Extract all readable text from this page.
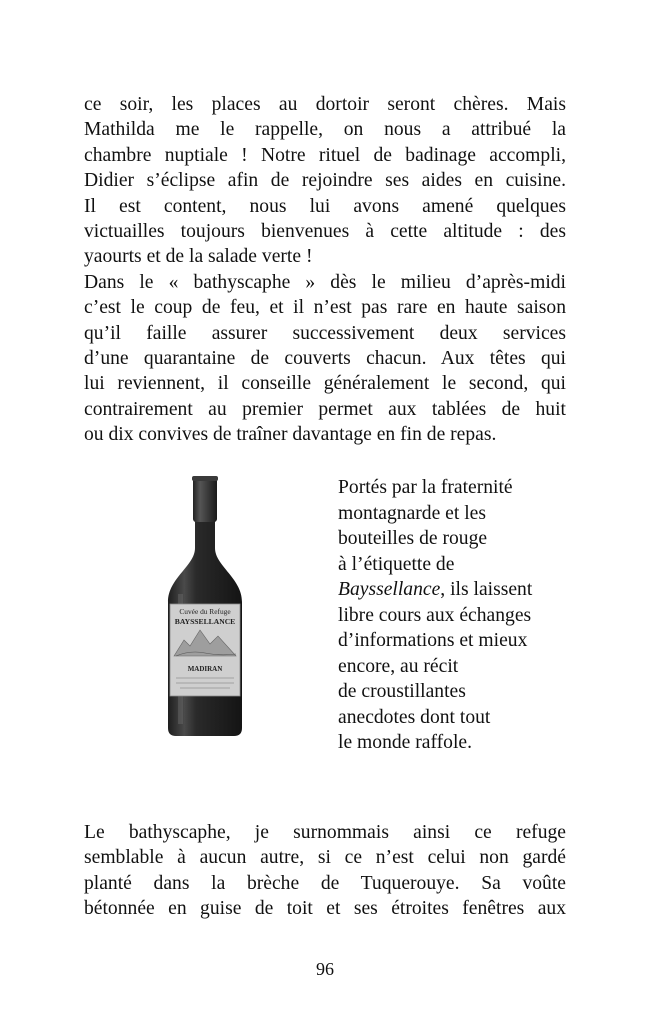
ce soir, les places au dortoir seront chères. Mais
Mathilda me le rappelle, on nous a attribué la
chambre nuptiale ! Notre rituel de badinage accompli,
Didier s’éclipse afin de rejoindre ses aides en cuisine.
Il est content, nous lui avons amené quelques
victuailles toujours bienvenues à cette altitude : des
yaourts et de la salade verte !
Dans le « bathyscaphe » dès le milieu d’après-midi
c’est le coup de feu, et il n’est pas rare en haute saison
qu’il faille assurer successivement deux services
d’une quarantaine de couverts chacun. Aux têtes qui
lui reviennent, il conseille généralement le second, qui
contrairement au premier permet aux tablées de huit
ou dix convives de traîner davantage en fin de repas.
Cuvée du Refuge
BAYSSELLANCE
MADIRAN
Portés par la fraternité
montagnarde et les
bouteilles de rouge
à l’étiquette de
Bayssellance, ils laissent
libre cours aux échanges
d’informations et mieux
encore, au récit
de croustillantes
anecdotes dont tout
le monde raffole.
Le bathyscaphe, je surnommais ainsi ce refuge
semblable à aucun autre, si ce n’est celui non gardé
planté dans la brèche de Tuquerouye. Sa voûte
bétonnée en guise de toit et ses étroites fenêtres aux
96
